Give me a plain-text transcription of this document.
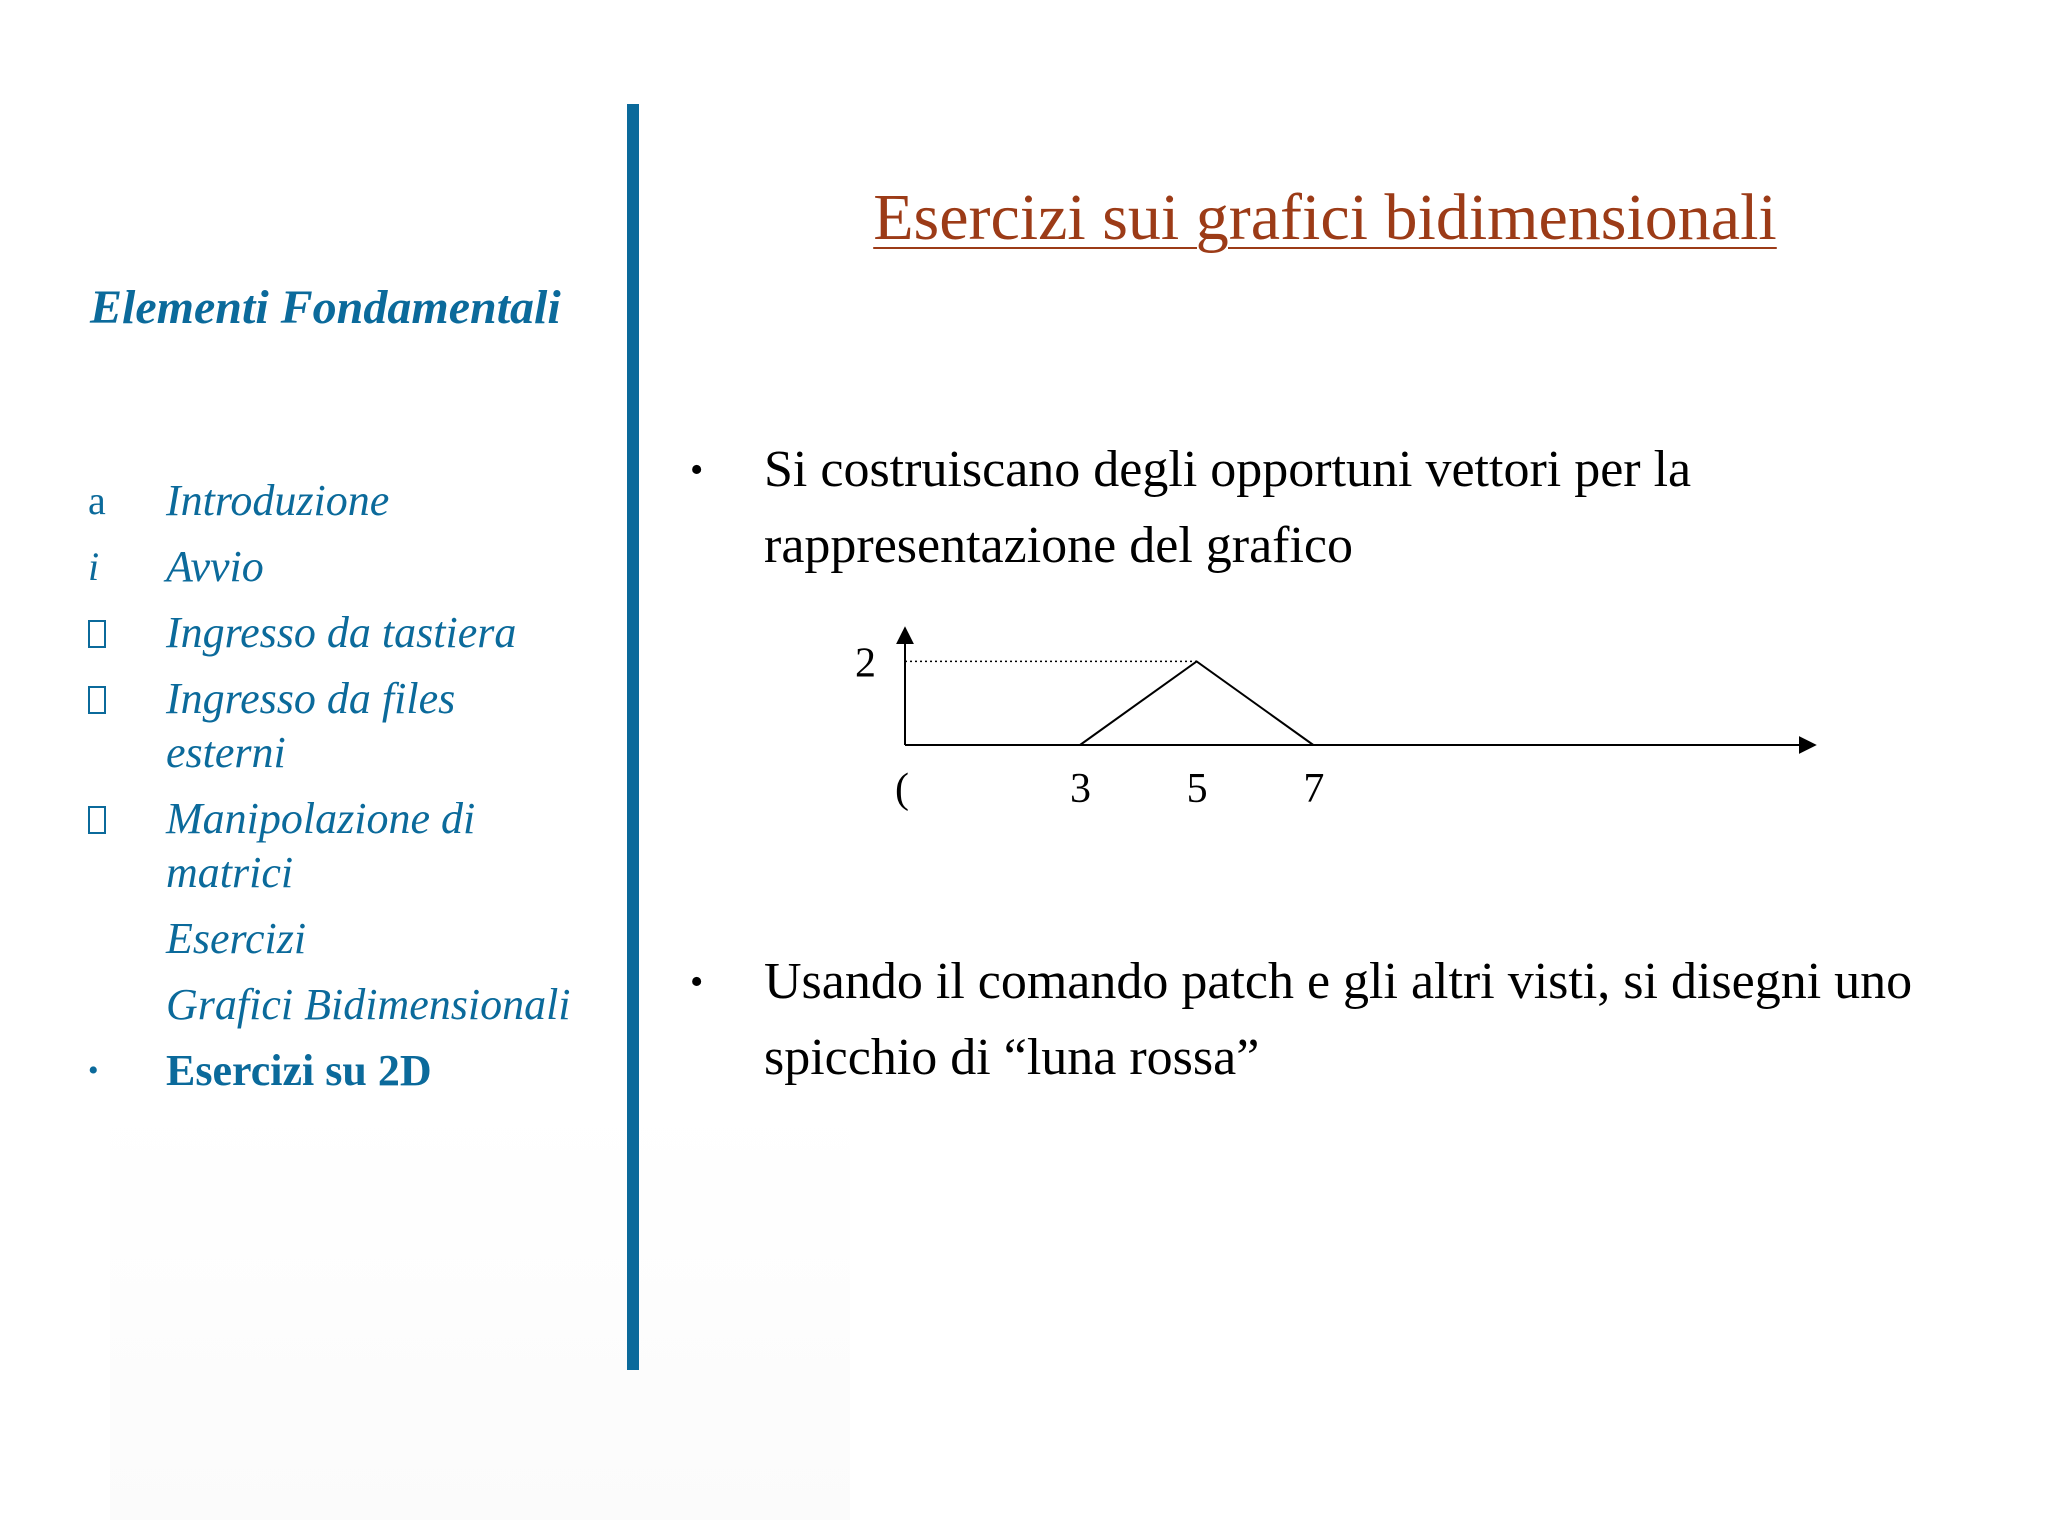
Elementi Fondamentali
a	Introduzione
i	Avvio
Ingresso da tastiera
Ingresso da files esterni
Manipolazione di matrici
Esercizi
Grafici Bidimensionali
•	Esercizi su 2D
Esercizi sui grafici bidimensionali
•	Si costruiscano degli opportuni vettori per la rappresentazione del grafico
(	3 5 7
2
•	Usando il comando patch e gli altri visti, si disegni uno spicchio di “luna rossa”
